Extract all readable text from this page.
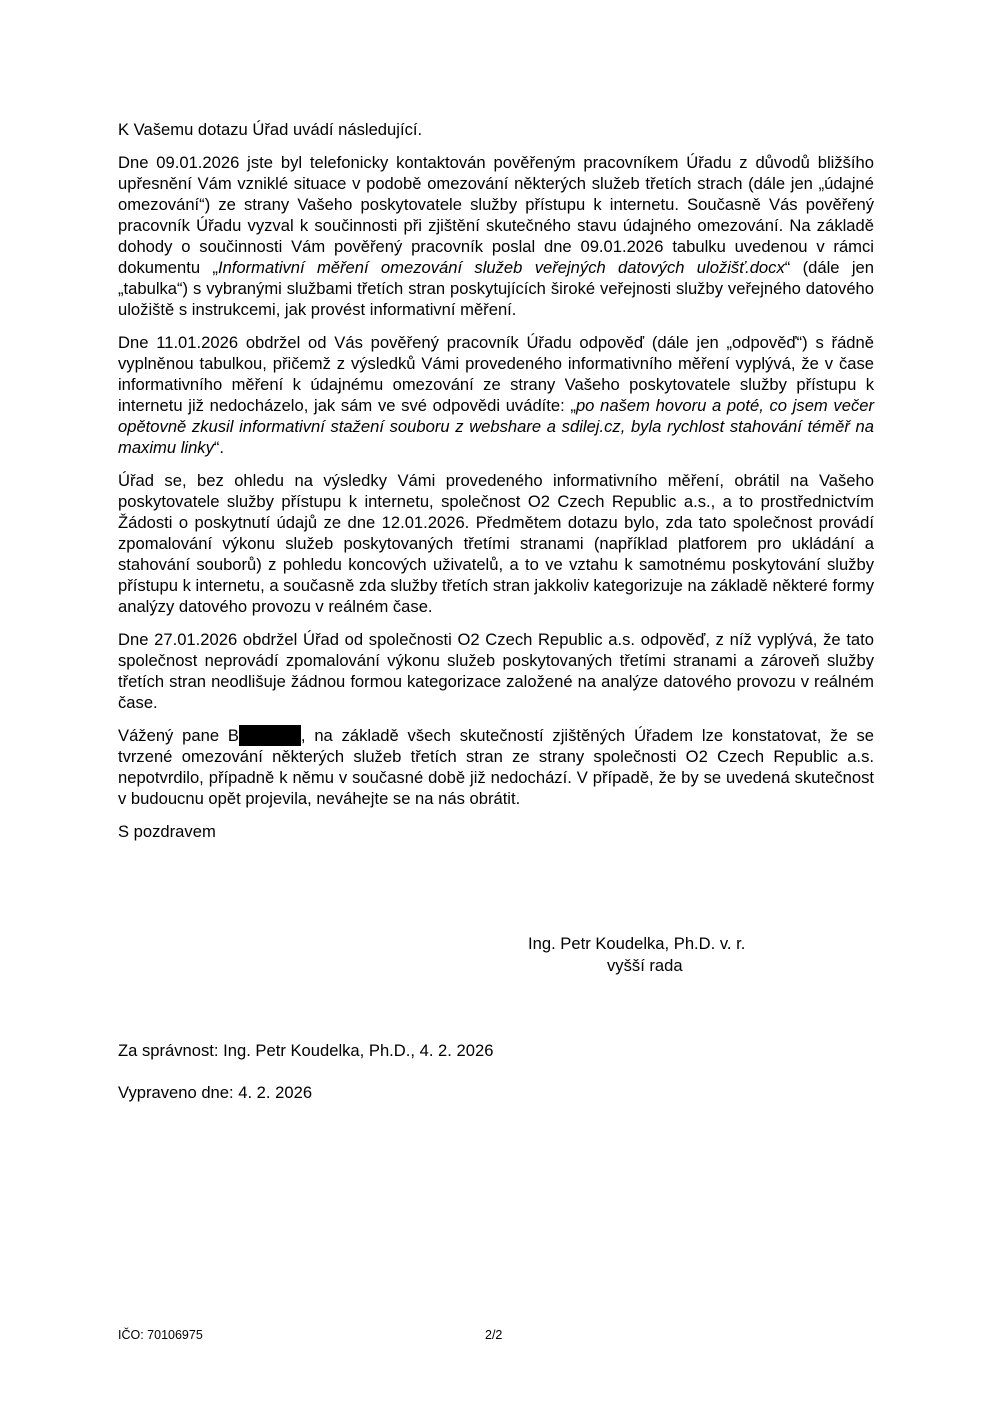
K Vašemu dotazu Úřad uvádí následující.

Dne 09.01.2026 jste byl telefonicky kontaktován pověřeným pracovníkem Úřadu z důvodů bližšího upřesnění Vám vzniklé situace v podobě omezování některých služeb třetích strach (dále jen „údajné omezování“) ze strany Vašeho poskytovatele služby přístupu k internetu. Současně Vás pověřený pracovník Úřadu vyzval k součinnosti při zjištění skutečného stavu údajného omezování. Na základě dohody o součinnosti Vám pověřený pracovník poslal dne 09.01.2026 tabulku uvedenou v rámci dokumentu „Informativní měření omezování služeb veřejných datových uložišť.docx“ (dále jen „tabulka“) s vybranými službami třetích stran poskytujících široké veřejnosti služby veřejného datového uložiště s instrukcemi, jak provést informativní měření.

Dne 11.01.2026 obdržel od Vás pověřený pracovník Úřadu odpověď (dále jen „odpověď“) s řádně vyplněnou tabulkou, přičemž z výsledků Vámi provedeného informativního měření vyplývá, že v čase informativního měření k údajnému omezování ze strany Vašeho poskytovatele služby přístupu k internetu již nedocházelo, jak sám ve své odpovědi uvádíte: „po našem hovoru a poté, co jsem večer opětovně zkusil informativní stažení souboru z webshare a sdilej.cz, byla rychlost stahování téměř na maximu linky“.

Úřad se, bez ohledu na výsledky Vámi provedeného informativního měření, obrátil na Vašeho poskytovatele služby přístupu k internetu, společnost O2 Czech Republic a.s., a to prostřednictvím Žádosti o poskytnutí údajů ze dne 12.01.2026. Předmětem dotazu bylo, zda tato společnost provádí zpomalování výkonu služeb poskytovaných třetími stranami (například platforem pro ukládání a stahování souborů) z pohledu koncových uživatelů, a to ve vztahu k samotnému poskytování služby přístupu k internetu, a současně zda služby třetích stran jakkoliv kategorizuje na základě některé formy analýzy datového provozu v reálném čase.

Dne 27.01.2026 obdržel Úřad od společnosti O2 Czech Republic a.s. odpověď, z níž vyplývá, že tato společnost neprovádí zpomalování výkonu služeb poskytovaných třetími stranami a zároveň služby třetích stran neodlišuje žádnou formou kategorizace založené na analýze datového provozu v reálném čase.

Vážený pane B	, na základě všech skutečností zjištěných Úřadem lze konstatovat, že se tvrzené omezování některých služeb třetích stran ze strany společnosti O2 Czech Republic a.s. nepotvrdilo, případně k němu v současné době již nedochází. V případě, že by se uvedená skutečnost v budoucnu opět projevila, neváhejte se na nás obrátit.

S pozdravem

Ing. Petr Koudelka, Ph.D. v. r.
vyšší rada
Za správnost: Ing. Petr Koudelka, Ph.D., 4. 2. 2026
Vypraveno dne: 4. 2. 2026
IČO: 70106975	2/2
